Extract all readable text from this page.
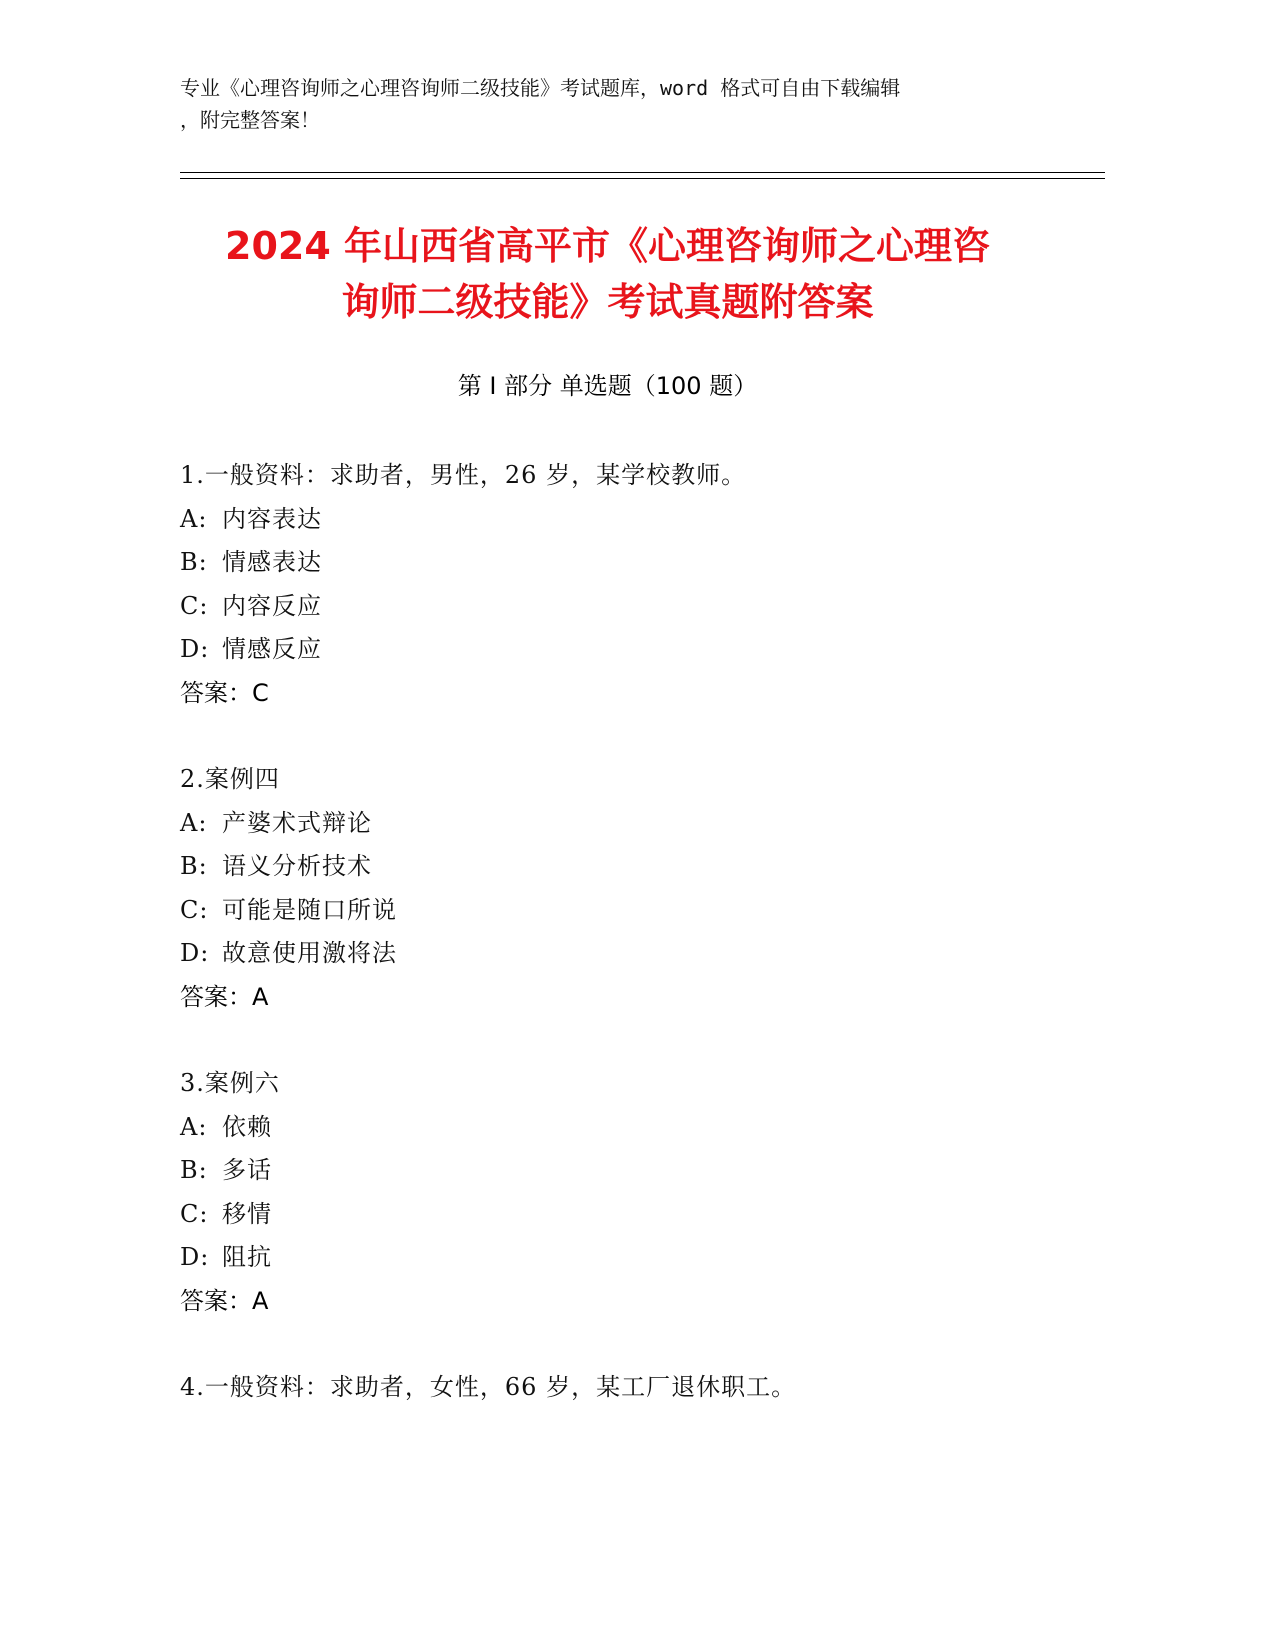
专业《心理咨询师之心理咨询师二级技能》考试题库，word 格式可自由下载编辑
，附完整答案！
2024 年山西省高平市《心理咨询师之心理咨
询师二级技能》考试真题附答案
第 I 部分 单选题（100 题）
1.一般资料：求助者，男性，26 岁，某学校教师。
A: 内容表达
B: 情感表达
C: 内容反应
D: 情感反应
答案：C
2.案例四
A: 产婆术式辩论
B: 语义分析技术
C: 可能是随口所说
D: 故意使用激将法
答案：A
3.案例六
A: 依赖
B: 多话
C: 移情
D: 阻抗
答案：A
4.一般资料：求助者，女性，66 岁，某工厂退休职工。
